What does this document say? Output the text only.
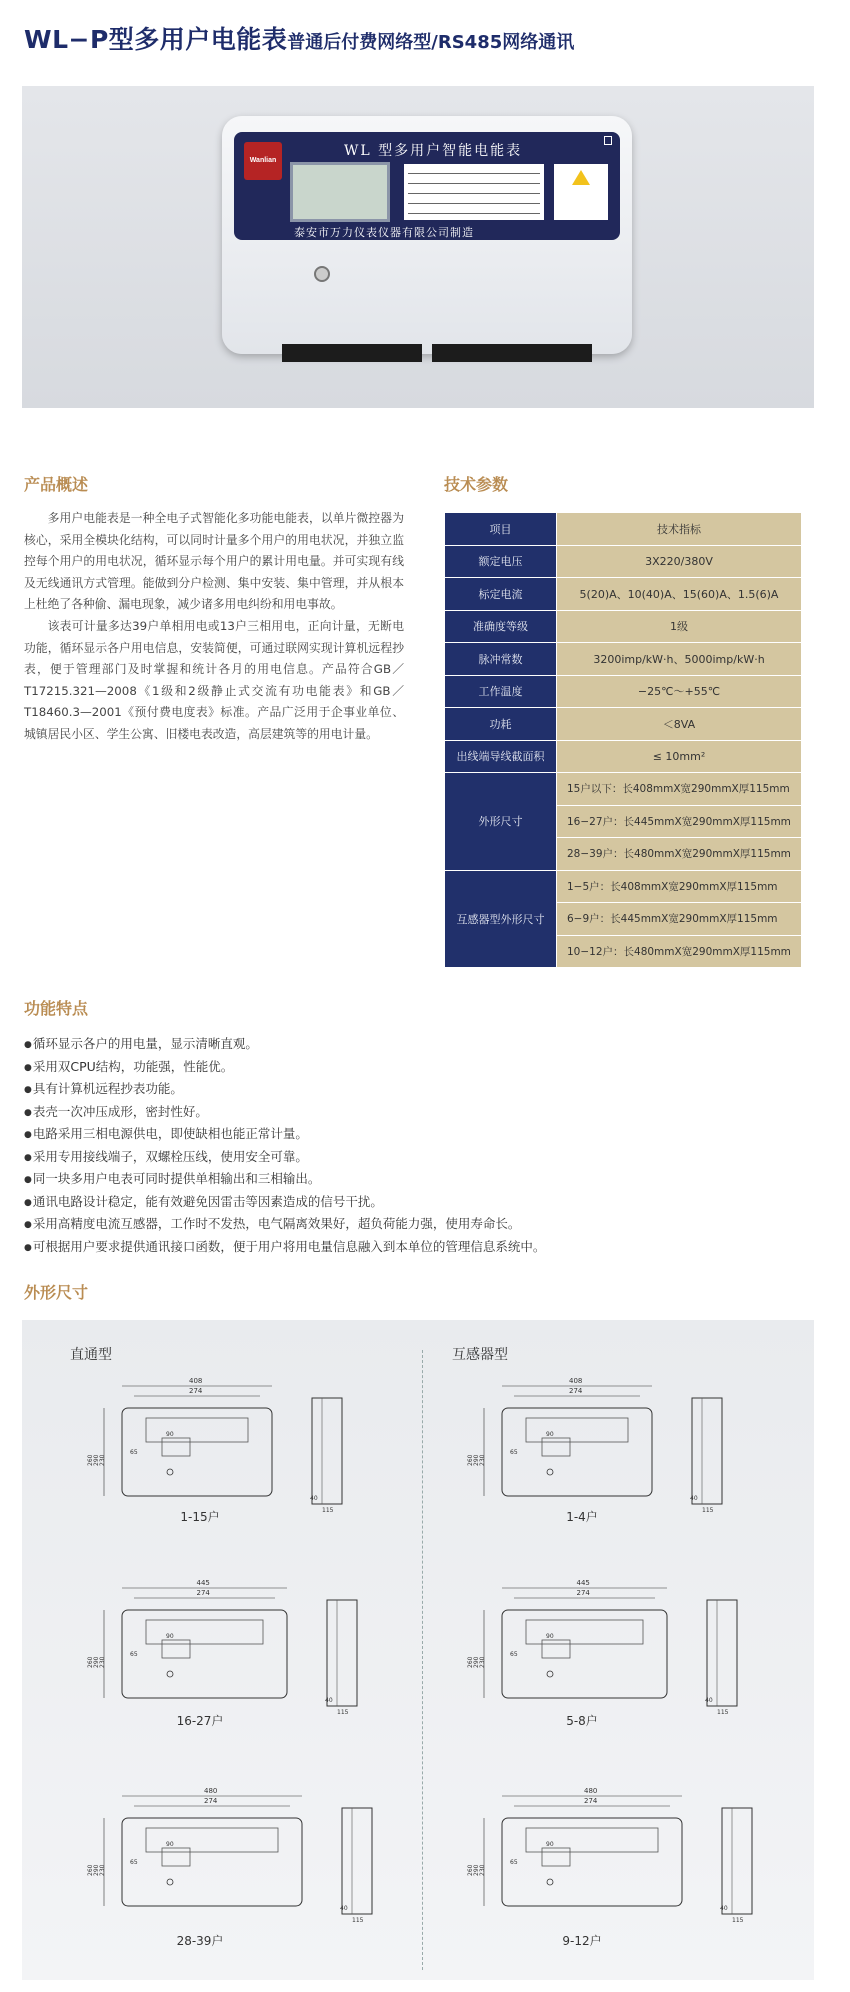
WL−P型多用户电能表普通后付费网络型/RS485网络通讯
Wanlian
WL 型多用户智能电能表

泰安市万力仪表仪器有限公司制造
产品概述

多用户电能表是一种全电子式智能化多功能电能表，以单片微控器为核心，采用全模块化结构，可以同时计量多个用户的用电状况，并独立监控每个用户的用电状况，循环显示每个用户的累计用电量。并可实现有线及无线通讯方式管理。能做到分户检测、集中安装、集中管理，并从根本上杜绝了各种偷、漏电现象，减少诸多用电纠纷和用电事故。

该表可计量多达39户单相用电或13户三相用电，正向计量，无断电功能，循环显示各户用电信息，安装简便，可通过联网实现计算机远程抄表，便于管理部门及时掌握和统计各月的用电信息。产品符合GB／T17215.321—2008《1级和2级静止式交流有功电能表》和GB／T18460.3—2001《预付费电度表》标准。产品广泛用于企事业单位、城镇居民小区、学生公寓、旧楼电表改造，高层建筑等的用电计量。

技术参数
项目	技术指标
额定电压	3X220/380V
标定电流	5(20)A、10(40)A、15(60)A、1.5(6)A
准确度等级	1级
脉冲常数	3200imp/kW·h、5000imp/kW·h
工作温度	−25℃～+55℃
功耗	＜8VA
出线端导线截面积	≤ 10mm²
外形尺寸	15户以下：长408mmX宽290mmX厚115mm
	16−27户：长445mmX宽290mmX厚115mm
	28−39户：长480mmX宽290mmX厚115mm
互感器型外形尺寸	1−5户：长408mmX宽290mmX厚115mm
	6−9户：长445mmX宽290mmX厚115mm
	10−12户：长480mmX宽290mmX厚115mm
功能特点
● 循环显示各户的用电量，显示清晰直观。
● 采用双CPU结构，功能强，性能优。
● 具有计算机远程抄表功能。
● 表壳一次冲压成形，密封性好。
● 电路采用三相电源供电，即使缺相也能正常计量。
● 采用专用接线端子，双螺栓压线，使用安全可靠。
● 同一块多用户电表可同时提供单相输出和三相输出。
● 通讯电路设计稳定，能有效避免因雷击等因素造成的信号干扰。
● 采用高精度电流互感器，工作时不发热，电气隔离效果好，超负荷能力强，使用寿命长。
● 可根据用户要求提供通讯接口函数，便于用户将用电量信息融入到本单位的管理信息系统中。
外形尺寸
直通型	互感器型
408
274
90
65
260 290 230
40
115
445
274
90
65
260 290 230
40
115
480
274
90
65
260 290 230
40
115
408
274
90
65
260 290 230
40
115
445
274
90
65
260 290 230
40
115
480
274
90
65
260 290 230
40
115
1-15户
16-27户
28-39户
1-4户
5-8户
9-12户
